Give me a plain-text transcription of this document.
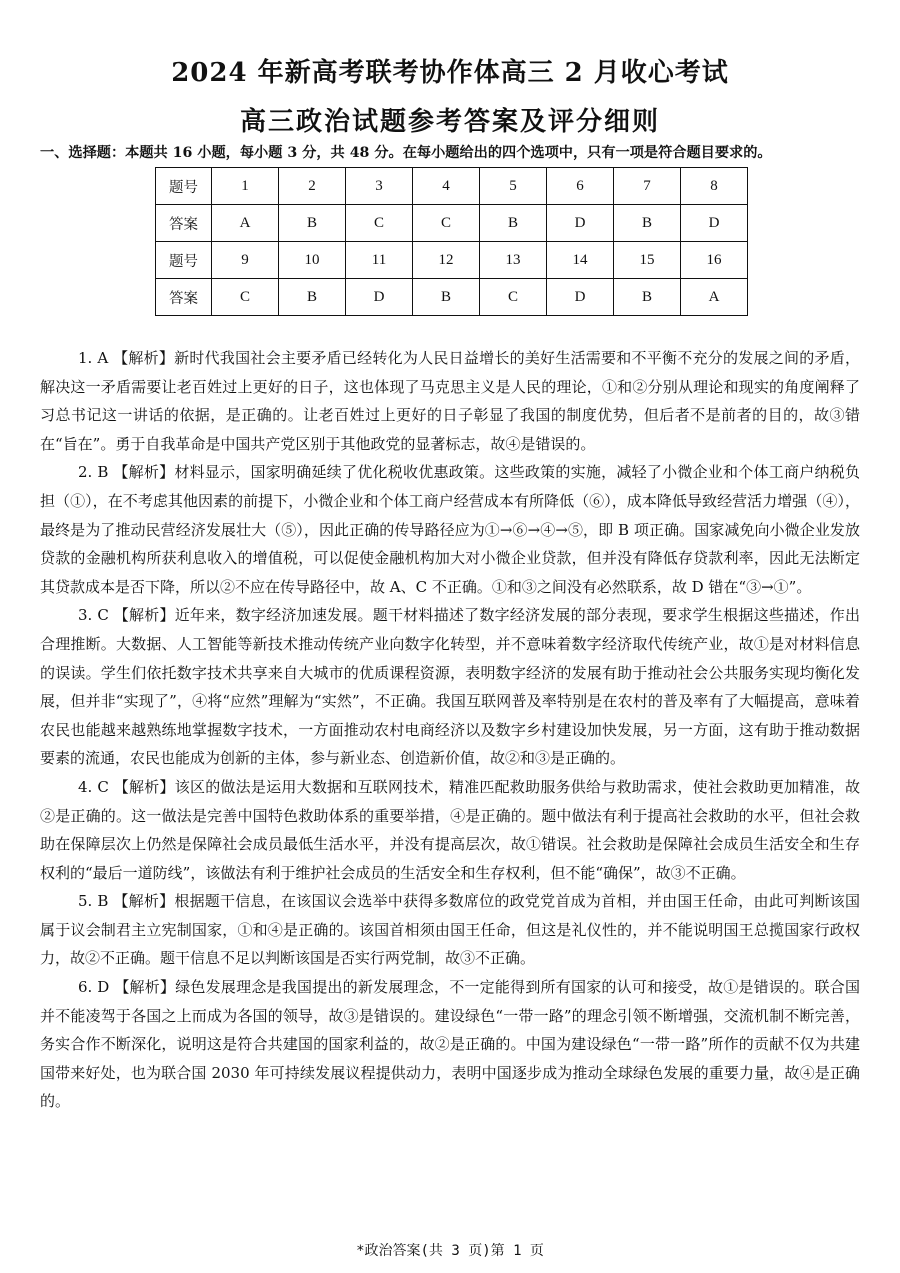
2024 年新高考联考协作体高三 2 月收心考试
高三政治试题参考答案及评分细则
一、选择题：本题共 16 小题，每小题 3 分，共 48 分。在每小题给出的四个选项中，只有一项是符合题目要求的。
题号	1	2	3	4	5	6	7	8
答案	A	B	C	C	B	D	B	D
题号	9	10	11	12	13	14	15	16
答案	C	B	D	B	C	D	B	A

1. A 【解析】新时代我国社会主要矛盾已经转化为人民日益增长的美好生活需要和不平衡不充分的发展之间的矛盾，解决这一矛盾需要让老百姓过上更好的日子，这也体现了马克思主义是人民的理论，①和②分别从理论和现实的角度阐释了习总书记这一讲话的依据，是正确的。让老百姓过上更好的日子彰显了我国的制度优势，但后者不是前者的目的，故③错在“旨在”。勇于自我革命是中国共产党区别于其他政党的显著标志，故④是错误的。

2. B 【解析】材料显示，国家明确延续了优化税收优惠政策。这些政策的实施，减轻了小微企业和个体工商户纳税负担（①），在不考虑其他因素的前提下，小微企业和个体工商户经营成本有所降低（⑥），成本降低导致经营活力增强（④），最终是为了推动民营经济发展壮大（⑤），因此正确的传导路径应为①→⑥→④→⑤，即 B 项正确。国家减免向小微企业发放贷款的金融机构所获利息收入的增值税，可以促使金融机构加大对小微企业贷款，但并没有降低存贷款利率，因此无法断定其贷款成本是否下降，所以②不应在传导路径中，故 A、C 不正确。①和③之间没有必然联系，故 D 错在“③→①”。

3. C 【解析】近年来，数字经济加速发展。题干材料描述了数字经济发展的部分表现，要求学生根据这些描述，作出合理推断。大数据、人工智能等新技术推动传统产业向数字化转型，并不意味着数字经济取代传统产业，故①是对材料信息的误读。学生们依托数字技术共享来自大城市的优质课程资源，表明数字经济的发展有助于推动社会公共服务实现均衡化发展，但并非“实现了”，④将“应然”理解为“实然”，不正确。我国互联网普及率特别是在农村的普及率有了大幅提高，意味着农民也能越来越熟练地掌握数字技术，一方面推动农村电商经济以及数字乡村建设加快发展，另一方面，这有助于推动数据要素的流通，农民也能成为创新的主体，参与新业态、创造新价值，故②和③是正确的。

4. C 【解析】该区的做法是运用大数据和互联网技术，精准匹配救助服务供给与救助需求，使社会救助更加精准，故②是正确的。这一做法是完善中国特色救助体系的重要举措，④是正确的。题中做法有利于提高社会救助的水平，但社会救助在保障层次上仍然是保障社会成员最低生活水平，并没有提高层次，故①错误。社会救助是保障社会成员生活安全和生存权利的“最后一道防线”，该做法有利于维护社会成员的生活安全和生存权利，但不能“确保”，故③不正确。

5. B 【解析】根据题干信息，在该国议会选举中获得多数席位的政党党首成为首相，并由国王任命，由此可判断该国属于议会制君主立宪制国家，①和④是正确的。该国首相须由国王任命，但这是礼仪性的，并不能说明国王总揽国家行政权力，故②不正确。题干信息不足以判断该国是否实行两党制，故③不正确。

6. D 【解析】绿色发展理念是我国提出的新发展理念，不一定能得到所有国家的认可和接受，故①是错误的。联合国并不能凌驾于各国之上而成为各国的领导，故③是错误的。建设绿色“一带一路”的理念引领不断增强，交流机制不断完善，务实合作不断深化，说明这是符合共建国的国家利益的，故②是正确的。中国为建设绿色“一带一路”所作的贡献不仅为共建国带来好处，也为联合国 2030 年可持续发展议程提供动力，表明中国逐步成为推动全球绿色发展的重要力量，故④是正确的。

*政治答案(共 3 页)第 1 页
